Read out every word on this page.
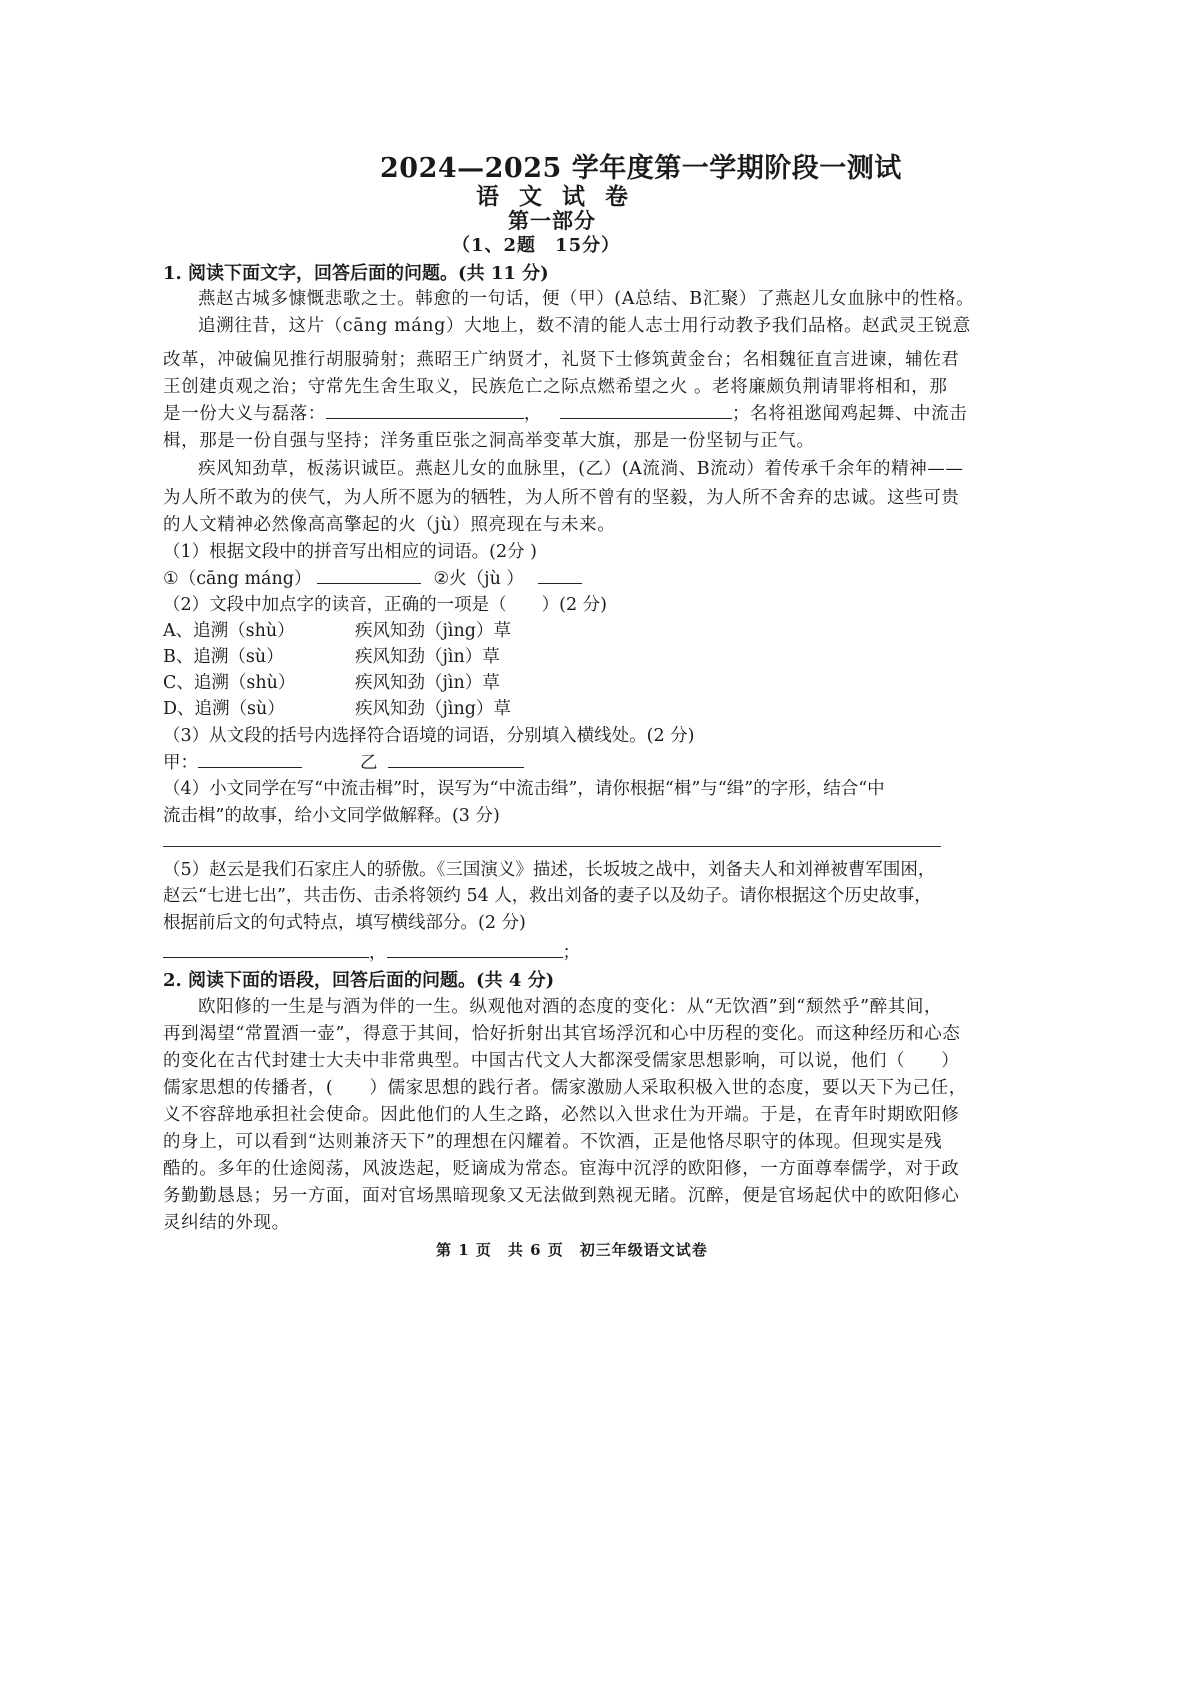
2024—2025 学年度第一学期阶段一测试
语 文 试 卷
第一部分
（1、2题　15分）
1. 阅读下面文字，回答后面的问题。(共 11 分)
燕赵古城多慷慨悲歌之士。韩愈的一句话，便（甲）(A总结、B汇聚）了燕赵儿女血脉中的性格。
追溯往昔，这片（cāng máng）大地上，数不清的能人志士用行动教予我们品格。赵武灵王锐意
改革，冲破偏见推行胡服骑射；燕昭王广纳贤才，礼贤下士修筑黄金台；名相魏征直言进谏，辅佐君
王创建贞观之治；守常先生舍生取义，民族危亡之际点燃希望之火 。老将廉颇负荆请罪将相和，那
是一份大义与磊落：	，	；名将祖逖闻鸡起舞、中流击
楫，那是一份自强与坚持；洋务重臣张之洞高举变革大旗，那是一份坚韧与正气。
疾风知劲草，板荡识诚臣。燕赵儿女的血脉里，(乙）(A流淌、B流动）着传承千余年的精神——
为人所不敢为的侠气，为人所不愿为的牺牲，为人所不曾有的坚毅，为人所不舍弃的忠诚。这些可贵
的人文精神必然像高高擎起的火（jù）照亮现在与未来。
（1）根据文段中的拼音写出相应的词语。(2分 )
①（cāng máng）	②火（jù ）
（2）文段中加点字的读音，正确的一项是（　　）(2 分)
A、追溯（shù）	疾风知劲（jìng）草
B、追溯（sù）	疾风知劲（jìn）草
C、追溯（shù）	疾风知劲（jìn）草
D、追溯（sù）	疾风知劲（jìng）草
（3）从文段的括号内选择符合语境的词语，分别填入横线处。(2 分)
甲：	乙
（4）小文同学在写“中流击楫”时，误写为“中流击缉”，请你根据“楫”与“缉”的字形，结合“中
流击楫”的故事，给小文同学做解释。(3 分)
（5）赵云是我们石家庄人的骄傲。《三国演义》描述，长坂坡之战中，刘备夫人和刘禅被曹军围困，
赵云“七进七出”，共击伤、击杀将领约 54 人，救出刘备的妻子以及幼子。请你根据这个历史故事，
根据前后文的句式特点，填写横线部分。(2 分)
，	；
2. 阅读下面的语段，回答后面的问题。(共 4 分)
欧阳修的一生是与酒为伴的一生。纵观他对酒的态度的变化：从“无饮酒”到“颓然乎”醉其间，
再到渴望“常置酒一壶”，得意于其间，恰好折射出其官场浮沉和心中历程的变化。而这种经历和心态
的变化在古代封建士大夫中非常典型。中国古代文人大都深受儒家思想影响，可以说，他们（　　）
儒家思想的传播者，(　　）儒家思想的践行者。儒家激励人采取积极入世的态度，要以天下为己任，
义不容辞地承担社会使命。因此他们的人生之路，必然以入世求仕为开端。于是，在青年时期欧阳修
的身上，可以看到“达则兼济天下”的理想在闪耀着。不饮酒，正是他恪尽职守的体现。但现实是残
酷的。多年的仕途阅荡，风波迭起，贬谪成为常态。宦海中沉浮的欧阳修，一方面尊奉儒学，对于政
务勤勤恳恳；另一方面，面对官场黑暗现象又无法做到熟视无睹。沉醉，便是官场起伏中的欧阳修心
灵纠结的外现。
第 1 页　共 6 页　初三年级语文试卷
